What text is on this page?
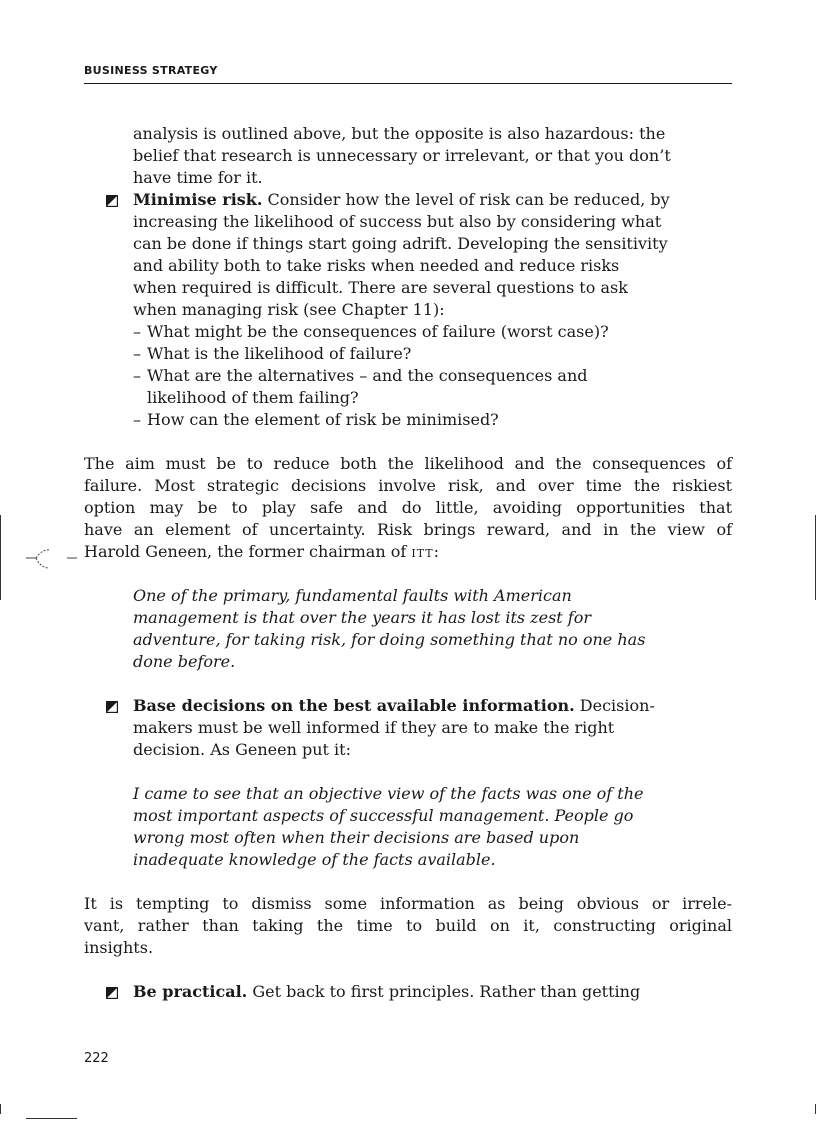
BUSINESS STRATEGY

analysis is outlined above, but the opposite is also hazardous: the

belief that research is unnecessary or irrelevant, or that you don’t

have time for it.

Minimise risk. Consider how the level of risk can be reduced, by

increasing the likelihood of success but also by considering what

can be done if things start going adrift. Developing the sensitivity

and ability both to take risks when needed and reduce risks

when required is difficult. There are several questions to ask

when managing risk (see Chapter 11):

– What might be the consequences of failure (worst case)?

– What is the likelihood of failure?

– What are the alternatives – and the consequences and

likelihood of them failing?

– How can the element of risk be minimised?

The aim must be to reduce both the likelihood and the consequences of

failure. Most strategic decisions involve risk, and over time the riskiest

option may be to play safe and do little, avoiding opportunities that

have an element of uncertainty. Risk brings reward, and in the view of

Harold Geneen, the former chairman of itt:

One of the primary, fundamental faults with American

management is that over the years it has lost its zest for

adventure, for taking risk, for doing something that no one has

done before.

Base decisions on the best available information. Decision-

makers must be well informed if they are to make the right

decision. As Geneen put it:

I came to see that an objective view of the facts was one of the

most important aspects of successful management. People go

wrong most often when their decisions are based upon

inadequate knowledge of the facts available.

It is tempting to dismiss some information as being obvious or irrele-

vant, rather than taking the time to build on it, constructing original

insights.

Be practical. Get back to first principles. Rather than getting

222
